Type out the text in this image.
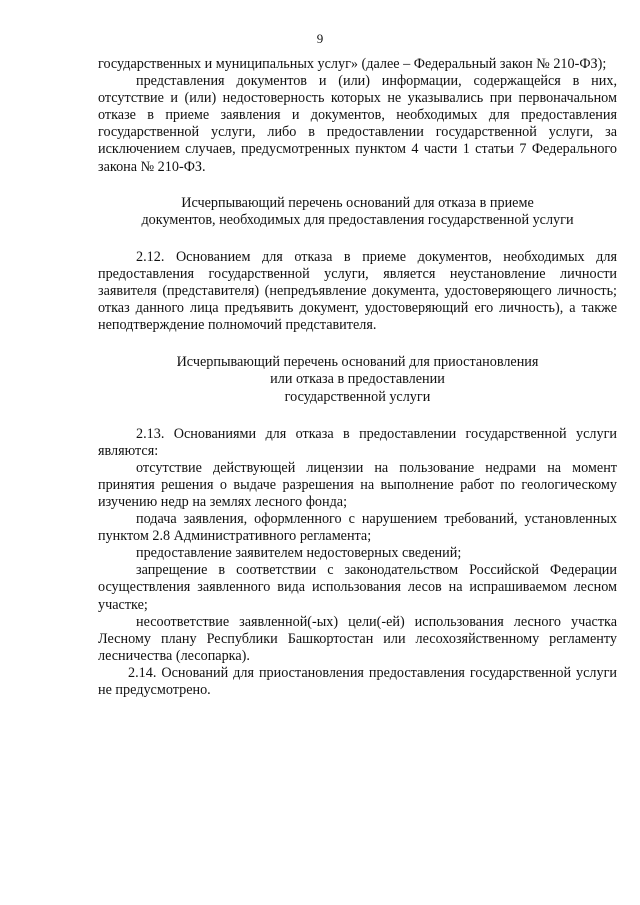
9

государственных и муниципальных услуг» (далее – Федеральный закон № 210-ФЗ);

представления документов и (или) информации, содержащейся в них, отсутствие и (или) недостоверность которых не указывались при первоначальном отказе в приеме заявления и документов, необходимых для предоставления государственной услуги, либо в предоставлении государственной услуги, за исключением случаев, предусмотренных пунктом 4 части 1 статьи 7 Федерального закона № 210-ФЗ.

Исчерпывающий перечень оснований для отказа в приеме
документов, необходимых для предоставления государственной услуги

2.12. Основанием для отказа в приеме документов, необходимых для предоставления государственной услуги, является неустановление личности заявителя (представителя) (непредъявление документа, удостоверяющего личность; отказ данного лица предъявить документ, удостоверяющий его личность), а также неподтверждение полномочий представителя.

Исчерпывающий перечень оснований для приостановления
или отказа в предоставлении
государственной услуги

2.13. Основаниями для отказа в предоставлении государственной услуги являются:

отсутствие действующей лицензии на пользование недрами на момент принятия решения о выдаче разрешения на выполнение работ по геологическому изучению недр на землях лесного фонда;

подача заявления, оформленного с нарушением требований, установленных пунктом 2.8 Административного регламента;

предоставление заявителем недостоверных сведений;

запрещение в соответствии с законодательством Российской Федерации осуществления заявленного вида использования лесов на испрашиваемом лесном участке;

несоответствие заявленной(-ых) цели(-ей) использования лесного участка Лесному плану Республики Башкортостан или лесохозяйственному регламенту лесничества (лесопарка).

2.14. Оснований для приостановления предоставления государственной услуги не предусмотрено.
